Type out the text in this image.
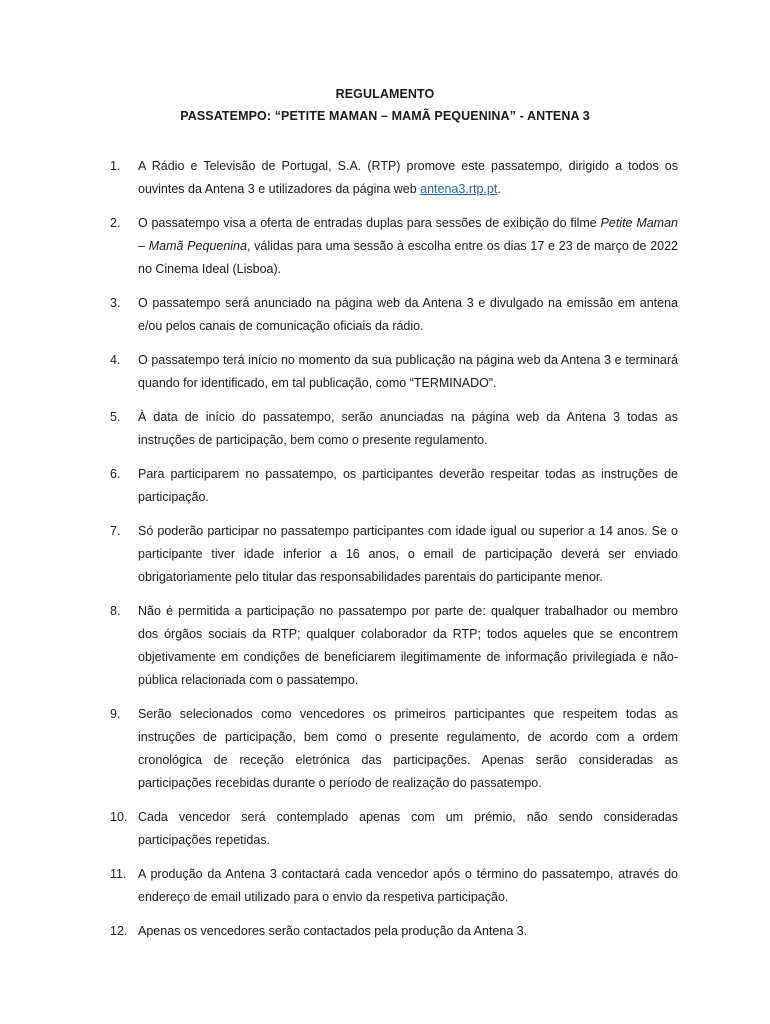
REGULAMENTO
PASSATEMPO: “PETITE MAMAN – MAMÃ PEQUENINA” - ANTENA 3
1. A Rádio e Televisão de Portugal, S.A. (RTP) promove este passatempo, dirigido a todos os ouvintes da Antena 3 e utilizadores da página web antena3.rtp.pt.
2. O passatempo visa a oferta de entradas duplas para sessões de exibição do filme Petite Maman – Mamã Pequenina, válidas para uma sessão à escolha entre os dias 17 e 23 de março de 2022 no Cinema Ideal (Lisboa).
3. O passatempo será anunciado na página web da Antena 3 e divulgado na emissão em antena e/ou pelos canais de comunicação oficiais da rádio.
4. O passatempo terá início no momento da sua publicação na página web da Antena 3 e terminará quando for identificado, em tal publicação, como “TERMINADO”.
5. À data de início do passatempo, serão anunciadas na página web da Antena 3 todas as instruções de participação, bem como o presente regulamento.
6. Para participarem no passatempo, os participantes deverão respeitar todas as instruções de participação.
7. Só poderão participar no passatempo participantes com idade igual ou superior a 14 anos. Se o participante tiver idade inferior a 16 anos, o email de participação deverá ser enviado obrigatoriamente pelo titular das responsabilidades parentais do participante menor.
8. Não é permitida a participação no passatempo por parte de: qualquer trabalhador ou membro dos órgãos sociais da RTP; qualquer colaborador da RTP; todos aqueles que se encontrem objetivamente em condições de beneficiarem ilegitimamente de informação privilegiada e não-pública relacionada com o passatempo.
9. Serão selecionados como vencedores os primeiros participantes que respeitem todas as instruções de participação, bem como o presente regulamento, de acordo com a ordem cronológica de receção eletrónica das participações. Apenas serão consideradas as participações recebidas durante o período de realização do passatempo.
10. Cada vencedor será contemplado apenas com um prémio, não sendo consideradas participações repetidas.
11. A produção da Antena 3 contactará cada vencedor após o término do passatempo, através do endereço de email utilizado para o envio da respetiva participação.
12. Apenas os vencedores serão contactados pela produção da Antena 3.
